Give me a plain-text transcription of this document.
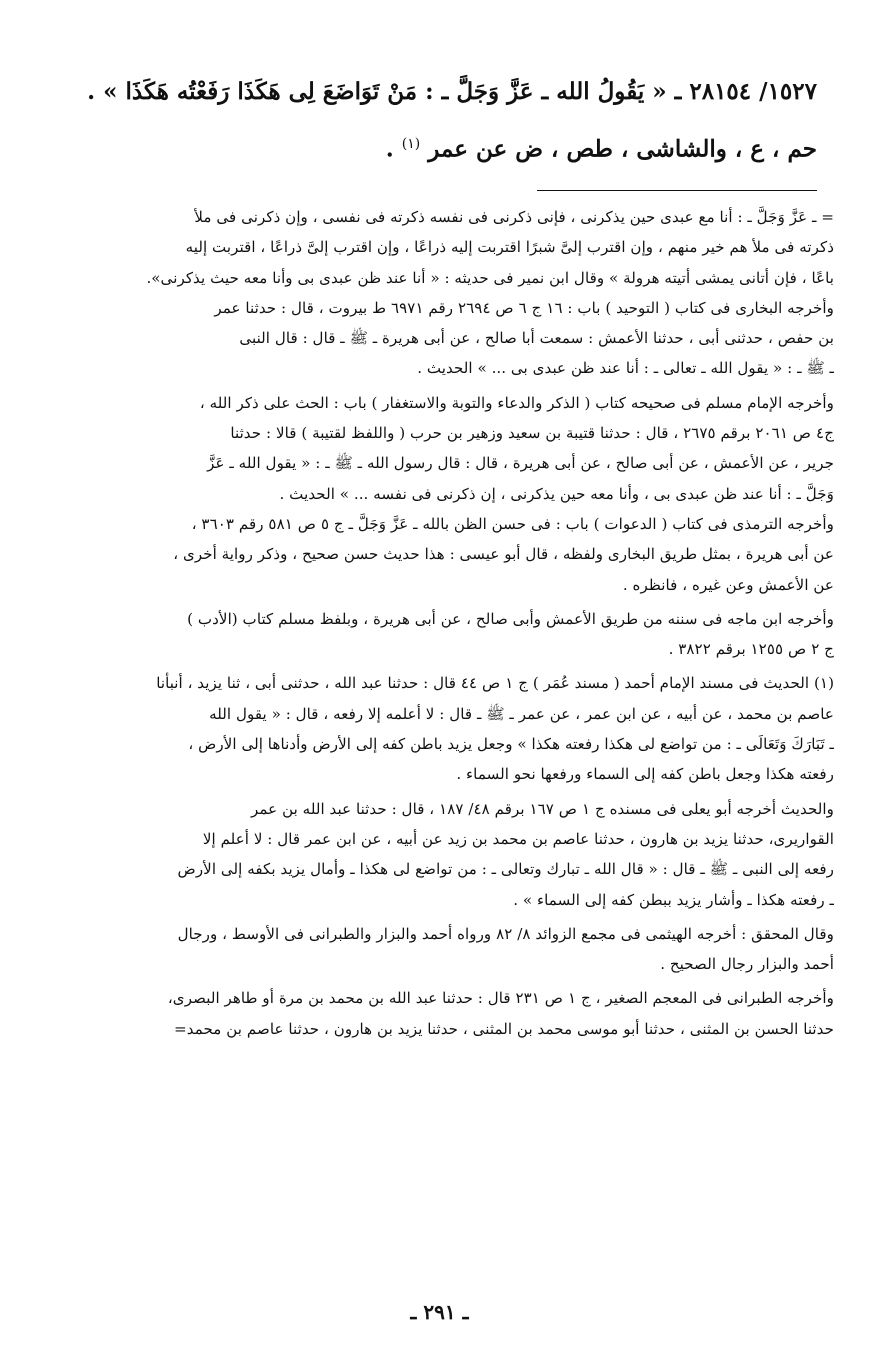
١٥٢٧/ ٢٨١٥٤ ـ « يَقُولُ الله ـ عَزَّ وَجَلَّ ـ : مَنْ تَوَاضَعَ لِى هَكَذَا رَفَعْتُه هَكَذَا » .

حم ، ع ، والشاشى ، طص ، ض عن عمر $^{(١)}$ .

= ـ عَزَّ وَجَلَّ ـ : أنا مع عبدى حين يذكرنى ، فإنى ذكرنى فى نفسه ذكرته فى نفسى ، وإن ذكرنى فى ملأ

ذكرته فى ملأ هم خير منهم ، وإن اقترب إلىَّ شبرًا اقتربت إليه ذراعًا ، وإن اقترب إلىَّ ذراعًا ، اقتربت إليه

باعًا ، فإن أتانى يمشى أتيته هرولة » وقال ابن نمير فى حديثه : « أنا عند ظن عبدى بى وأنا معه حيث يذكرنى».

وأخرجه البخارى فى كتاب ( التوحيد ) باب : ١٦ ج ٦ ص ٢٦٩٤ رقم ٦٩٧١ ط بيروت ، قال : حدثنا عمر

بن حفص ، حدثنى أبى ، حدثنا الأعمش : سمعت أبا صالح ، عن أبى هريرة ـ ﷺ ـ قال : قال النبى

ـ ﷺ ـ : « يقول الله ـ تعالى ـ : أنا عند ظن عبدى بى ... » الحديث .

وأخرجه الإمام مسلم فى صحيحه كتاب ( الذكر والدعاء والتوبة والاستغفار ) باب : الحث على ذكر الله ،

ج٤ ص ٢٠٦١ برقم ٢٦٧٥ ، قال : حدثنا قتيبة بن سعيد وزهير بن حرب ( واللفظ لقتيبة ) قالا : حدثنا

جرير ، عن الأعمش ، عن أبى صالح ، عن أبى هريرة ، قال : قال رسول الله ـ ﷺ ـ : « يقول الله ـ عَزَّ

وَجَلَّ ـ : أنا عند ظن عبدى بى ، وأنا معه حين يذكرنى ، إن ذكرنى فى نفسه ... » الحديث .

وأخرجه الترمذى فى كتاب ( الدعوات ) باب : فى حسن الظن بالله ـ عَزَّ وَجَلَّ ـ ج ٥ ص ٥٨١ رقم ٣٦٠٣ ،

عن أبى هريرة ، بمثل طريق البخارى ولفظه ، قال أبو عيسى : هذا حديث حسن صحيح ، وذكر رواية أخرى ،

عن الأعمش وعن غيره ، فانظره .

وأخرجه ابن ماجه فى سننه من طريق الأعمش وأبى صالح ، عن أبى هريرة ، وبلفظ مسلم كتاب (الأدب )

ج ٢ ص ١٢٥٥ برقم ٣٨٢٢ .

(١) الحديث فى مسند الإمام أحمد ( مسند عُمَر ) ج ١ ص ٤٤ قال : حدثنا عبد الله ، حدثنى أبى ، ثنا يزيد ، أنبأنا

عاصم بن محمد ، عن أبيه ، عن ابن عمر ، عن عمر ـ ﷺ ـ قال : لا أعلمه إلا رفعه ، قال : « يقول الله

ـ تَبَارَكَ وَتَعَالَى ـ : من تواضع لى هكذا رفعته هكذا » وجعل يزيد باطن كفه إلى الأرض وأدناها إلى الأرض ،

رفعته هكذا وجعل باطن كفه إلى السماء ورفعها نحو السماء .

والحديث أخرجه أبو يعلى فى مسنده ج ١ ص ١٦٧ برقم ٤٨/ ١٨٧ ، قال : حدثنا عبد الله بن عمر

القواريرى، حدثنا يزيد بن هارون ، حدثنا عاصم بن محمد بن زيد عن أبيه ، عن ابن عمر قال : لا أعلم إلا

رفعه إلى النبى ـ ﷺ ـ قال : « قال الله ـ تبارك وتعالى ـ : من تواضع لى هكذا ـ وأمال يزيد بكفه إلى الأرض

ـ رفعته هكذا ـ وأشار يزيد ببطن كفه إلى السماء » .

وقال المحقق : أخرجه الهيثمى فى مجمع الزوائد ٨/ ٨٢ ورواه أحمد والبزار والطبرانى فى الأوسط ، ورجال

أحمد والبزار رجال الصحيح .

وأخرجه الطبرانى فى المعجم الصغير ، ج ١ ص ٢٣١ قال : حدثنا عبد الله بن محمد بن مرة أو طاهر البصرى،

حدثنا الحسن بن المثنى ، حدثنا أبو موسى محمد بن المثنى ، حدثنا يزيد بن هارون ، حدثنا عاصم بن محمد=

ـ ٢٩١ ـ
